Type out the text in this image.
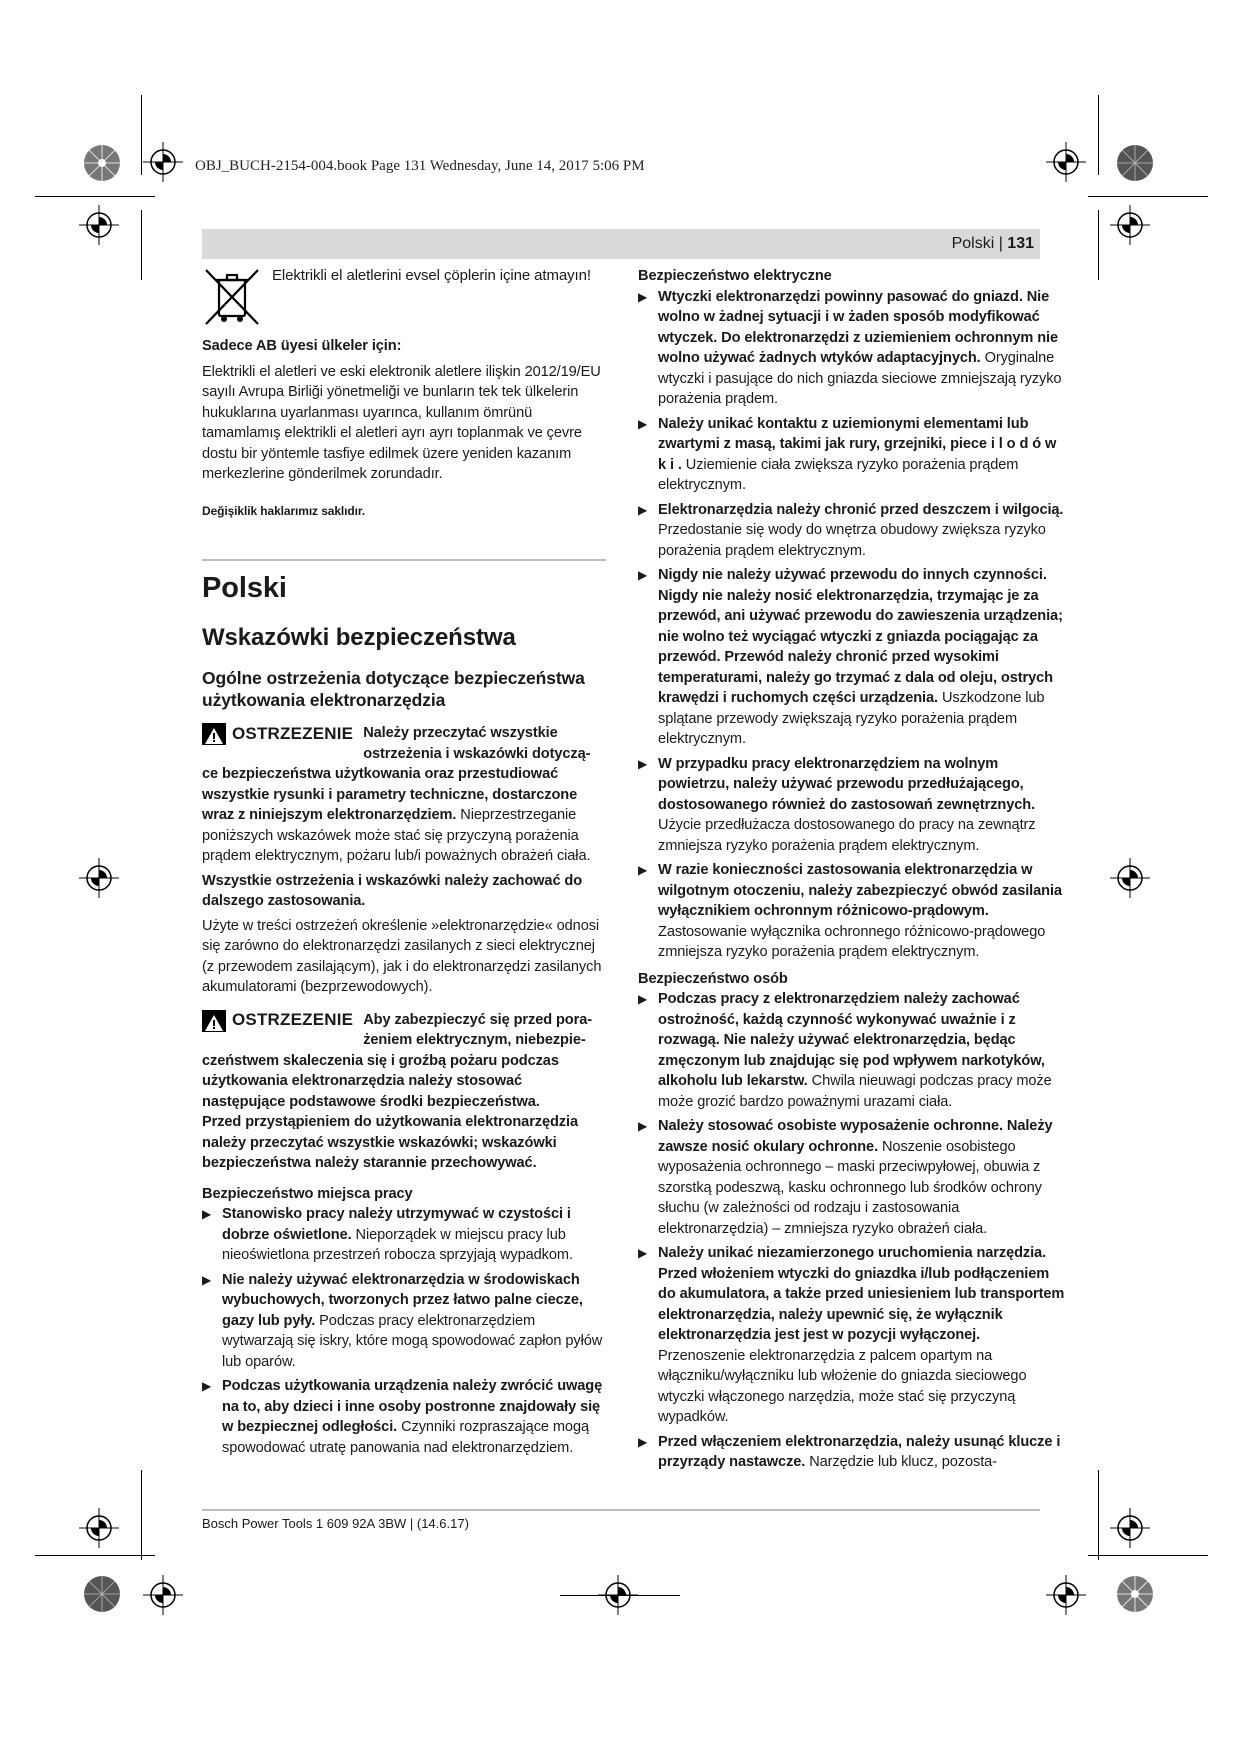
OBJ_BUCH-2154-004.book Page 131 Wednesday, June 14, 2017 5:06 PM
Polski | 131

Elektrikli el aletlerini evsel çöplerin içine atmayın!

Sadece AB üyesi ülkeler için:

Elektrikli el aletleri ve eski elektronik aletlere ilişkin 2012/19/EU sayılı Avrupa Birliği yönetmeliği ve bunların tek tek ülkelerin hukuklarına uyarlanması uyarınca, kullanım ömrünü tamamlamış elektrikli el aletleri ayrı ayrı toplanmak ve çevre dostu bir yöntemle tasfiye edilmek üzere yeniden kazanım merkezlerine gönderilmek zorundadır.

Değişiklik haklarımız saklıdır.

Polski

Wskazówki bezpieczeństwa

Ogólne ostrzeżenia dotyczące bezpieczeństwa użytkowania elektronarzędzia

OSTRZEZENIE Należy przeczytać wszystkie
ostrzeżenia i wskazówki dotyczą-

ce bezpieczeństwa użytkowania oraz przestudiować wszystkie rysunki i parametry techniczne, dostarczone wraz z niniejszym elektronarzędziem. Nieprzestrzeganie poniższych wskazówek może stać się przyczyną porażenia prądem elektrycznym, pożaru lub/i poważnych obrażeń ciała.

Wszystkie ostrzeżenia i wskazówki należy zachować do dalszego zastosowania.

Użyte w treści ostrzeżeń określenie »elektronarzędzie« odnosi się zarówno do elektronarzędzi zasilanych z sieci elektrycznej (z przewodem zasilającym), jak i do elektronarzędzi zasilanych akumulatorami (bezprzewodowych).

OSTRZEZENIE Aby zabezpieczyć się przed pora-
żeniem elektrycznym, niebezpie-

czeństwem skaleczenia się i groźbą pożaru podczas użytkowania elektronarzędzia należy stosować następujące podstawowe środki bezpieczeństwa.

Przed przystąpieniem do użytkowania elektronarzędzia należy przeczytać wszystkie wskazówki; wskazówki bezpieczeństwa należy starannie przechowywać.

Bezpieczeństwo miejsca pracy

▶ Stanowisko pracy należy utrzymywać w czystości i dobrze oświetlone. Nieporządek w miejscu pracy lub nieoświetlona przestrzeń robocza sprzyjają wypadkom.

▶ Nie należy używać elektronarzędzia w środowiskach wybuchowych, tworzonych przez łatwo palne ciecze, gazy lub pyły. Podczas pracy elektronarzędziem wytwarzają się iskry, które mogą spowodować zapłon pyłów lub oparów.

▶ Podczas użytkowania urządzenia należy zwrócić uwagę na to, aby dzieci i inne osoby postronne znajdowały się w bezpiecznej odległości. Czynniki rozpraszające mogą spowodować utratę panowania nad elektronarzędziem.

Bezpieczeństwo elektryczne

▶ Wtyczki elektronarzędzi powinny pasować do gniazd. Nie wolno w żadnej sytuacji i w żaden sposób modyfikować wtyczek. Do elektronarzędzi z uziemieniem ochronnym nie wolno używać żadnych wtyków adaptacyjnych. Oryginalne wtyczki i pasujące do nich gniazda sieciowe zmniejszają ryzyko porażenia prądem.

▶ Należy unikać kontaktu z uziemionymi elementami lub zwartymi z masą, takimi jak rury, grzejniki, piece i l o d ó w k i . Uziemienie ciała zwiększa ryzyko porażenia prądem elektrycznym.

▶ Elektronarzędzia należy chronić przed deszczem i wilgocią. Przedostanie się wody do wnętrza obudowy zwiększa ryzyko porażenia prądem elektrycznym.

▶ Nigdy nie należy używać przewodu do innych czynności. Nigdy nie należy nosić elektronarzędzia, trzymając je za przewód, ani używać przewodu do zawieszenia urządzenia; nie wolno też wyciągać wtyczki z gniazda pociągając za przewód. Przewód należy chronić przed wysokimi temperaturami, należy go trzymać z dala od oleju, ostrych krawędzi i ruchomych części urządzenia. Uszkodzone lub splątane przewody zwiększają ryzyko porażenia prądem elektrycznym.

▶ W przypadku pracy elektronarzędziem na wolnym powietrzu, należy używać przewodu przedłużającego, dostosowanego również do zastosowań zewnętrznych. Użycie przedłużacza dostosowanego do pracy na zewnątrz zmniejsza ryzyko porażenia prądem elektrycznym.

▶ W razie konieczności zastosowania elektronarzędzia w wilgotnym otoczeniu, należy zabezpieczyć obwód zasilania wyłącznikiem ochronnym różnicowo-prądowym. Zastosowanie wyłącznika ochronnego różnicowo-prądowego zmniejsza ryzyko porażenia prądem elektrycznym.

Bezpieczeństwo osób

▶ Podczas pracy z elektronarzędziem należy zachować ostrożność, każdą czynność wykonywać uważnie i z rozwagą. Nie należy używać elektronarzędzia, będąc zmęczonym lub znajdując się pod wpływem narkotyków, alkoholu lub lekarstw. Chwila nieuwagi podczas pracy może może grozić bardzo poważnymi urazami ciała.

▶ Należy stosować osobiste wyposażenie ochronne. Należy zawsze nosić okulary ochronne. Noszenie osobistego wyposażenia ochronnego – maski przeciwpyłowej, obuwia z szorstką podeszwą, kasku ochronnego lub środków ochrony słuchu (w zależności od rodzaju i zastosowania elektronarzędzia) – zmniejsza ryzyko obrażeń ciała.

▶ Należy unikać niezamierzonego uruchomienia narzędzia. Przed włożeniem wtyczki do gniazdka i/lub podłączeniem do akumulatora, a także przed uniesieniem lub transportem elektronarzędzia, należy upewnić się, że wyłącznik elektronarzędzia jest jest w pozycji wyłączonej. Przenoszenie elektronarzędzia z palcem opartym na włączniku/wyłączniku lub włożenie do gniazda sieciowego wtyczki włączonego narzędzia, może stać się przyczyną wypadków.

▶ Przed włączeniem elektronarzędzia, należy usunąć klucze i przyrządy nastawcze. Narzędzie lub klucz, pozosta-

Bosch Power Tools 1 609 92A 3BW | (14.6.17)
